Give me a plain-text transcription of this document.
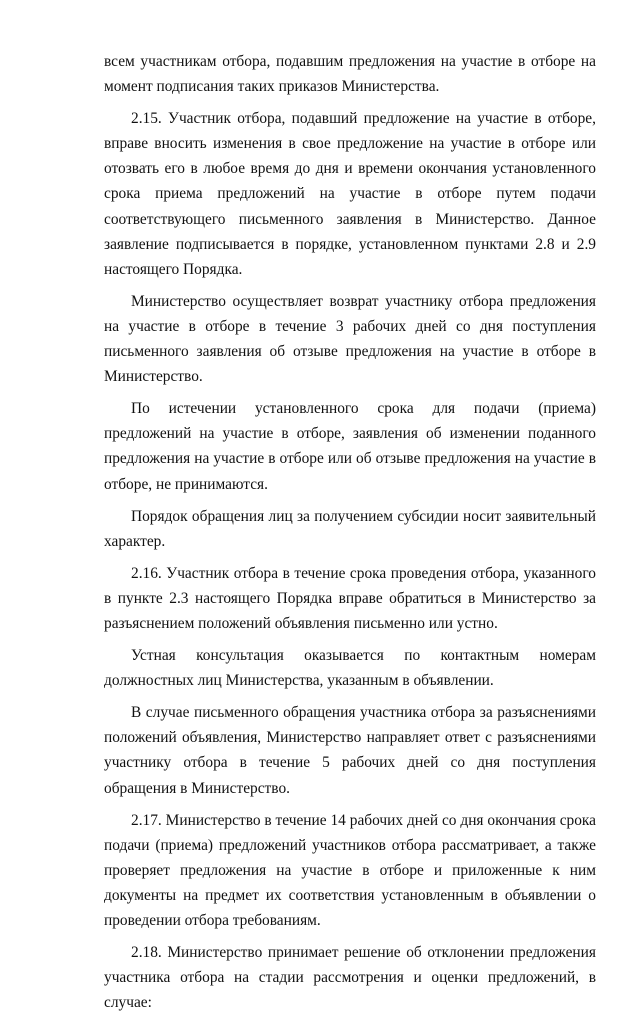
всем участникам отбора, подавшим предложения на участие в отборе на момент подписания таких приказов Министерства.

2.15. Участник отбора, подавший предложение на участие в отборе, вправе вносить изменения в свое предложение на участие в отборе или отозвать его в любое время до дня и времени окончания установленного срока приема предложений на участие в отборе путем подачи соответствующего письменного заявления в Министерство. Данное заявление подписывается в порядке, установленном пунктами 2.8 и 2.9 настоящего Порядка.

Министерство осуществляет возврат участнику отбора предложения на участие в отборе в течение 3 рабочих дней со дня поступления письменного заявления об отзыве предложения на участие в отборе в Министерство.

По истечении установленного срока для подачи (приема) предложений на участие в отборе, заявления об изменении поданного предложения на участие в отборе или об отзыве предложения на участие в отборе, не принимаются.

Порядок обращения лиц за получением субсидии носит заявительный характер.

2.16. Участник отбора в течение срока проведения отбора, указанного в пункте 2.3 настоящего Порядка вправе обратиться в Министерство за разъяснением положений объявления письменно или устно.

Устная консультация оказывается по контактным номерам должностных лиц Министерства, указанным в объявлении.

В случае письменного обращения участника отбора за разъяснениями положений объявления, Министерство направляет ответ с разъяснениями участнику отбора в течение 5 рабочих дней со дня поступления обращения в Министерство.

2.17. Министерство в течение 14 рабочих дней со дня окончания срока подачи (приема) предложений участников отбора рассматривает, а также проверяет предложения на участие в отборе и приложенные к ним документы на предмет их соответствия установленным в объявлении о проведении отбора требованиям.

2.18. Министерство принимает решение об отклонении предложения участника отбора на стадии рассмотрения и оценки предложений, в случае:
